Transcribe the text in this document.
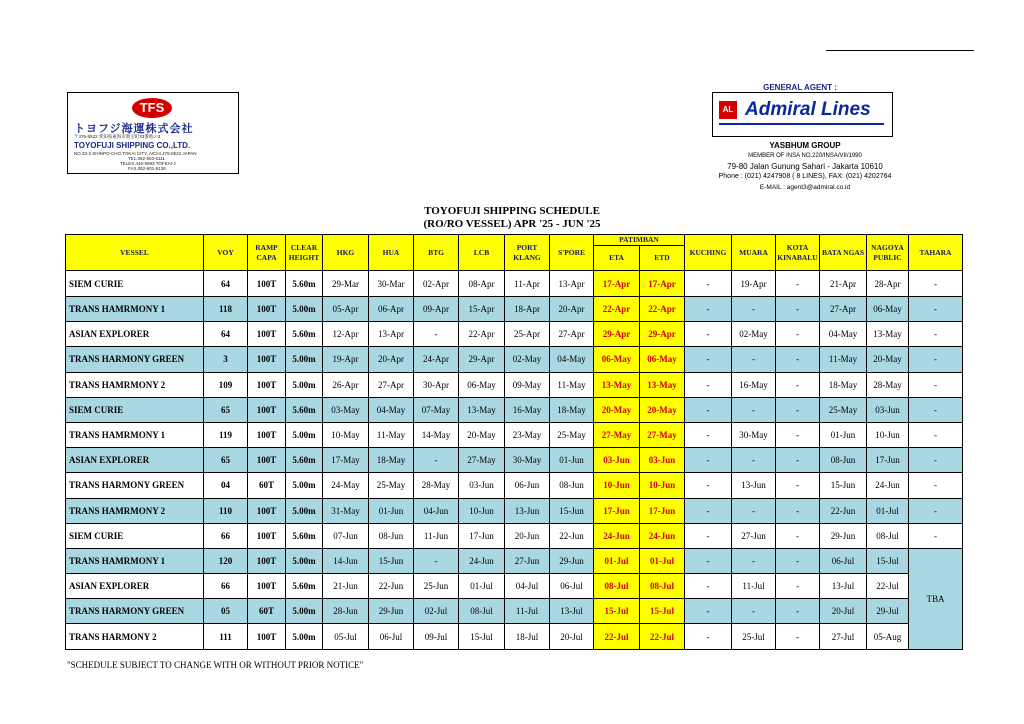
TFS
トヨフジ海運株式会社
〒476-8522 愛知県東海市新宝町33番地の3
TOYOFUJI SHIPPING CO.,LTD.
NO.33-3 SHINPO-CHO,TOKAI CITY, AICHI 476-8522 JAPAN
TEL.052-603-6111
TELEX.446-9993 TOFKAI-J
FAX.052-601-6136
GENERAL AGENT :
AL Admiral Lines
YASBHUM GROUP
MEMBER OF INSA NO.220/INSA/VII/1990
79-80 Jalan Gunung Sahari - Jakarta 10610
Phone : (021) 4247908 ( 8 LINES), FAX: (021) 4202764
E-MAIL : agent3@admiral.co.id
TOYOFUJI SHIPPING SCHEDULE
(RO/RO VESSEL) APR '25 - JUN '25
VESSEL	VOY	RAMP CAPA	CLEAR HEIGHT	HKG	HUA	BTG	LCB	PORT KLANG	S'PORE	PATIMBAN		KUCHING	MUARA	KOTA KINABALU	BATA NGAS	NAGOYA PUBLIC	TAHARA
										ETA	ETD						
SIEM CURIE	64	100T	5.60m	29-Mar	30-Mar	02-Apr	08-Apr	11-Apr	13-Apr	17-Apr	17-Apr	-	19-Apr	-	21-Apr	28-Apr	-
TRANS HAMRMONY 1	118	100T	5.00m	05-Apr	06-Apr	09-Apr	15-Apr	18-Apr	20-Apr	22-Apr	22-Apr	-	-	-	27-Apr	06-May	-
ASIAN EXPLORER	64	100T	5.60m	12-Apr	13-Apr	-	22-Apr	25-Apr	27-Apr	29-Apr	29-Apr	-	02-May	-	04-May	13-May	-
TRANS HARMONY GREEN	3	100T	5.00m	19-Apr	20-Apr	24-Apr	29-Apr	02-May	04-May	06-May	06-May	-	-	-	11-May	20-May	-
TRANS HAMRMONY 2	109	100T	5.00m	26-Apr	27-Apr	30-Apr	06-May	09-May	11-May	13-May	13-May	-	16-May	-	18-May	28-May	-
SIEM CURIE	65	100T	5.60m	03-May	04-May	07-May	13-May	16-May	18-May	20-May	20-May	-	-	-	25-May	03-Jun	-
TRANS HAMRMONY 1	119	100T	5.00m	10-May	11-May	14-May	20-May	23-May	25-May	27-May	27-May	-	30-May	-	01-Jun	10-Jun	-
ASIAN EXPLORER	65	100T	5.60m	17-May	18-May	-	27-May	30-May	01-Jun	03-Jun	03-Jun	-	-	-	08-Jun	17-Jun	-
TRANS HARMONY GREEN	04	60T	5.00m	24-May	25-May	28-May	03-Jun	06-Jun	08-Jun	10-Jun	10-Jun	-	13-Jun	-	15-Jun	24-Jun	-
TRANS HAMRMONY 2	110	100T	5.00m	31-May	01-Jun	04-Jun	10-Jun	13-Jun	15-Jun	17-Jun	17-Jun	-	-	-	22-Jun	01-Jul	-
SIEM CURIE	66	100T	5.60m	07-Jun	08-Jun	11-Jun	17-Jun	20-Jun	22-Jun	24-Jun	24-Jun	-	27-Jun	-	29-Jun	08-Jul	-
TRANS HAMRMONY 1	120	100T	5.00m	14-Jun	15-Jun	-	24-Jun	27-Jun	29-Jun	01-Jul	01-Jul	-	-	-	06-Jul	15-Jul	TBA
ASIAN EXPLORER	66	100T	5.60m	21-Jun	22-Jun	25-Jun	01-Jul	04-Jul	06-Jul	08-Jul	08-Jul	-	11-Jul	-	13-Jul	22-Jul	
TRANS HARMONY GREEN	05	60T	5.00m	28-Jun	29-Jun	02-Jul	08-Jul	11-Jul	13-Jul	15-Jul	15-Jul	-	-	-	20-Jul	29-Jul	
TRANS HARMONY 2	111	100T	5.00m	05-Jul	06-Jul	09-Jul	15-Jul	18-Jul	20-Jul	22-Jul	22-Jul	-	25-Jul	-	27-Jul	05-Aug	
"SCHEDULE SUBJECT TO CHANGE WITH OR WITHOUT PRIOR NOTICE"
